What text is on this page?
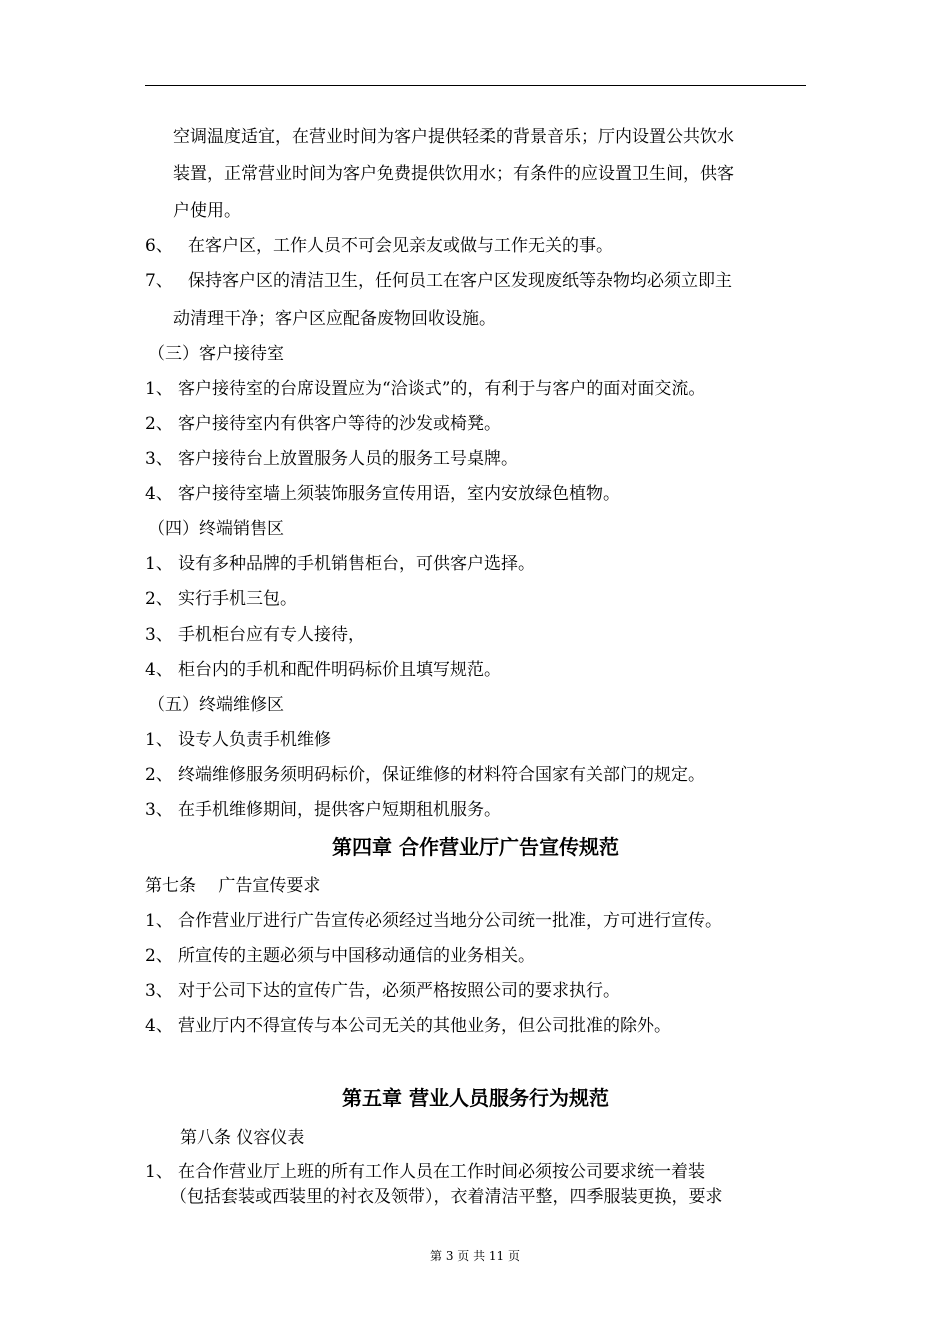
空调温度适宜，在营业时间为客户提供轻柔的背景音乐；厅内设置公共饮水
装置，正常营业时间为客户免费提供饮用水；有条件的应设置卫生间，供客
户使用。
6、 在客户区，工作人员不可会见亲友或做与工作无关的事。
7、 保持客户区的清洁卫生，任何员工在客户区发现废纸等杂物均必须立即主
动清理干净；客户区应配备废物回收设施。
（三）客户接待室
1、 客户接待室的台席设置应为“洽谈式”的，有利于与客户的面对面交流。
2、 客户接待室内有供客户等待的沙发或椅凳。
3、 客户接待台上放置服务人员的服务工号桌牌。
4、 客户接待室墙上须装饰服务宣传用语，室内安放绿色植物。
（四）终端销售区
1、 设有多种品牌的手机销售柜台，可供客户选择。
2、 实行手机三包。
3、 手机柜台应有专人接待，
4、 柜台内的手机和配件明码标价且填写规范。
（五）终端维修区
1、 设专人负责手机维修
2、 终端维修服务须明码标价，保证维修的材料符合国家有关部门的规定。
3、 在手机维修期间，提供客户短期租机服务。
第四章 合作营业厅广告宣传规范
第七条　 广告宣传要求
1、 合作营业厅进行广告宣传必须经过当地分公司统一批准，方可进行宣传。
2、 所宣传的主题必须与中国移动通信的业务相关。
3、 对于公司下达的宣传广告，必须严格按照公司的要求执行。
4、 营业厅内不得宣传与本公司无关的其他业务，但公司批准的除外。
第五章 营业人员服务行为规范
第八条 仪容仪表
1、 在合作营业厅上班的所有工作人员在工作时间必须按公司要求统一着装
（包括套装或西装里的衬衣及领带），衣着清洁平整，四季服装更换，要求
第 3 页 共 11 页
